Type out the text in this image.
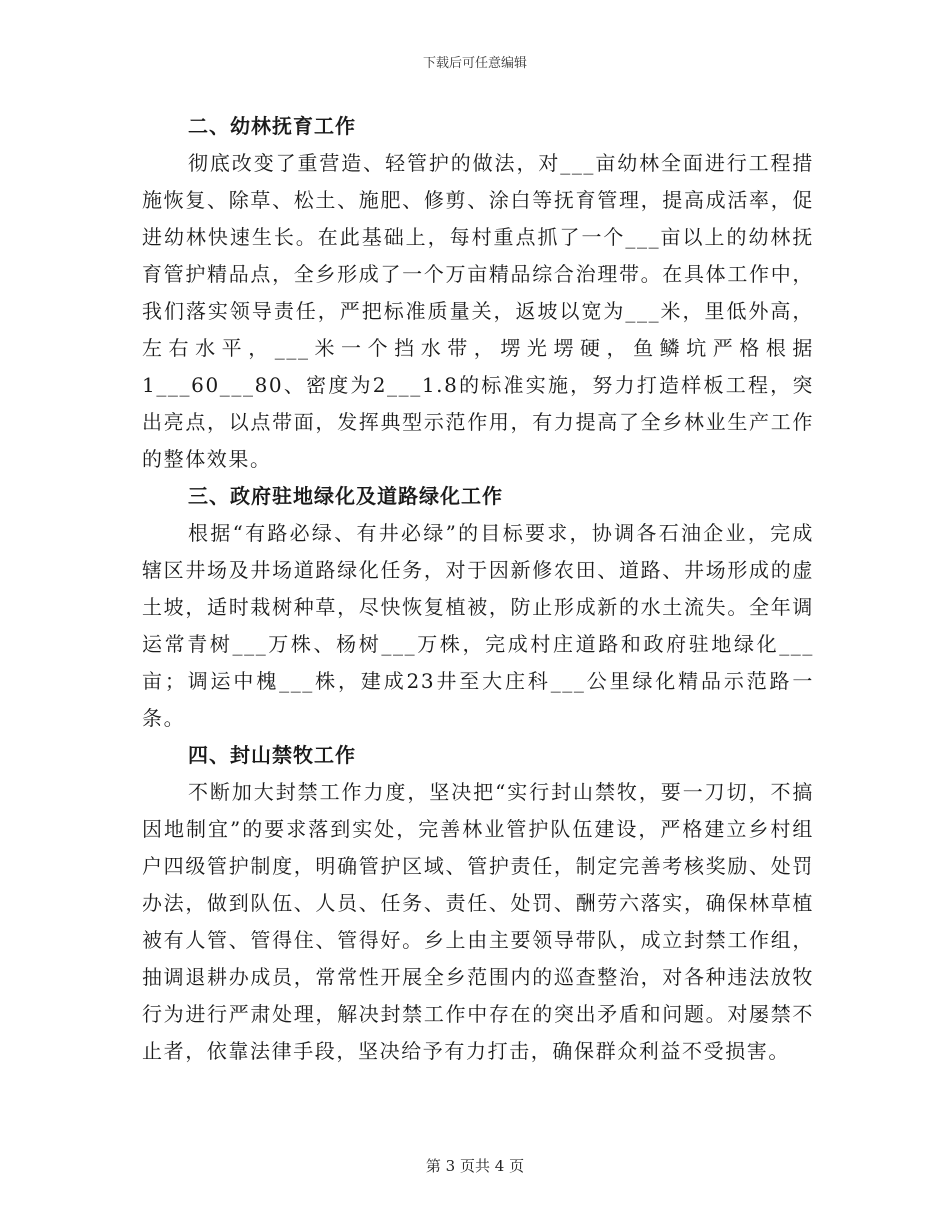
下载后可任意编辑
二、幼林抚育工作

彻底改变了重营造、轻管护的做法，对___亩幼林全面进行工程措施恢复、除草、松土、施肥、修剪、涂白等抚育管理，提高成活率，促进幼林快速生长。在此基础上，每村重点抓了一个___亩以上的幼林抚育管护精品点，全乡形成了一个万亩精品综合治理带。在具体工作中，我们落实领导责任，严把标准质量关，返坡以宽为___米，里低外高，左右水平，___米一个挡水带，塄光塄硬，鱼鳞坑严格根据1___60___80、密度为2___1.8的标准实施，努力打造样板工程，突出亮点，以点带面，发挥典型示范作用，有力提高了全乡林业生产工作的整体效果。

三、政府驻地绿化及道路绿化工作

根据“有路必绿、有井必绿”的目标要求，协调各石油企业，完成辖区井场及井场道路绿化任务，对于因新修农田、道路、井场形成的虚土坡，适时栽树种草，尽快恢复植被，防止形成新的水土流失。全年调运常青树___万株、杨树___万株，完成村庄道路和政府驻地绿化___亩；调运中槐___株，建成23井至大庄科___公里绿化精品示范路一条。

四、封山禁牧工作

不断加大封禁工作力度，坚决把“实行封山禁牧，要一刀切，不搞因地制宜”的要求落到实处，完善林业管护队伍建设，严格建立乡村组户四级管护制度，明确管护区域、管护责任，制定完善考核奖励、处罚办法，做到队伍、人员、任务、责任、处罚、酬劳六落实，确保林草植被有人管、管得住、管得好。乡上由主要领导带队，成立封禁工作组，抽调退耕办成员，常常性开展全乡范围内的巡查整治，对各种违法放牧行为进行严肃处理，解决封禁工作中存在的突出矛盾和问题。对屡禁不止者，依靠法律手段，坚决给予有力打击，确保群众利益不受损害。

第 3 页共 4 页
